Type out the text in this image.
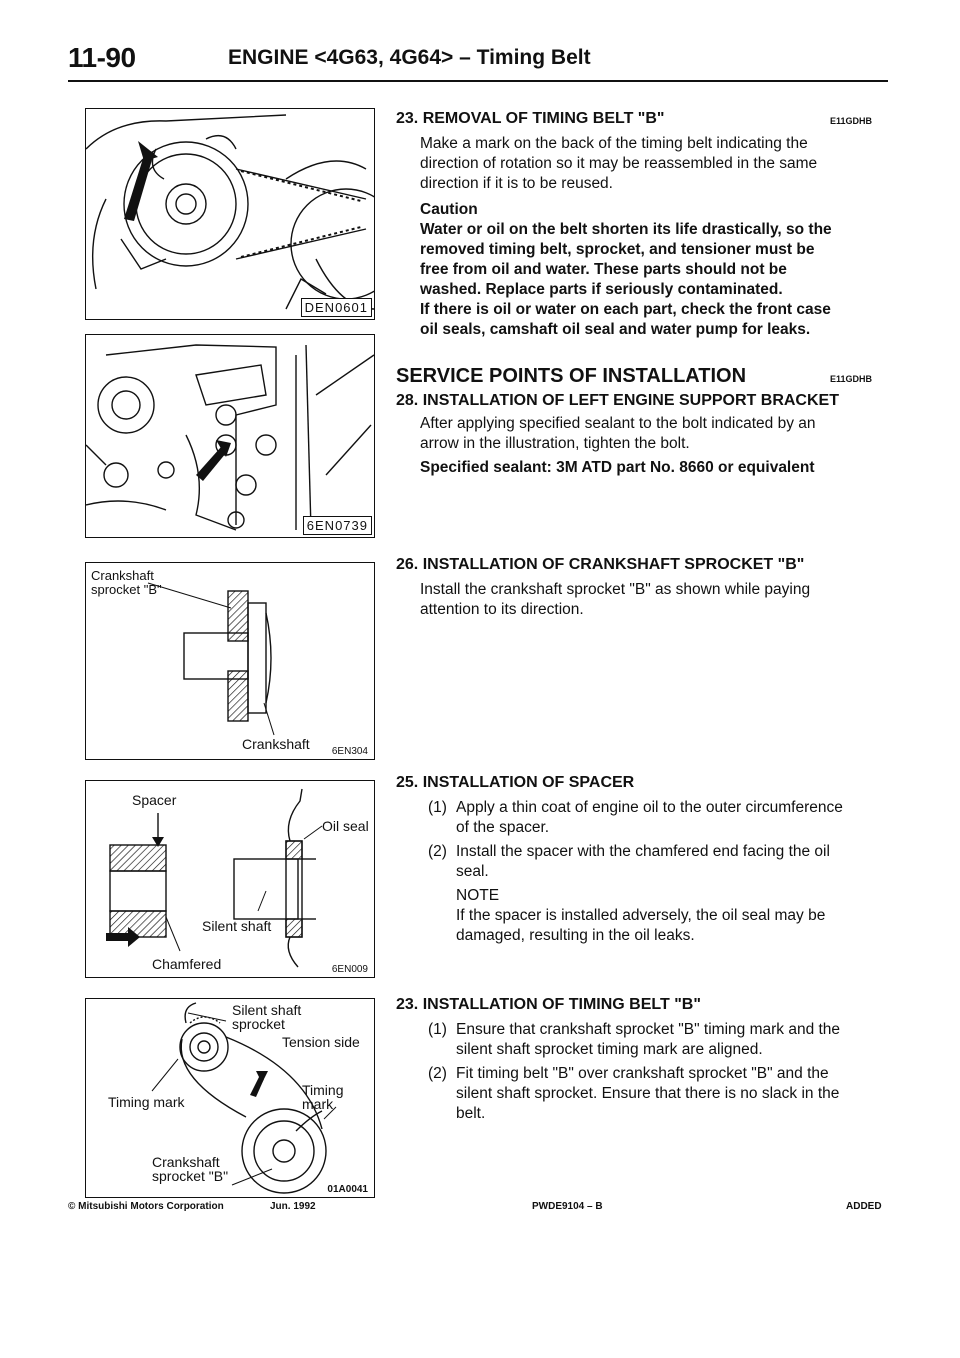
11-90	ENGINE <4G63, 4G64> – Timing Belt
DEN0601
6EN0739
Crankshaft
sprocket "B"
Crankshaft 6EN304
Spacer
Oil seal
Silent shaft
Chamfered	6EN009
Silent shaft
sprocket
Tension side
Timing mark
Timing mark
Crankshaft
sprocket "B"
01A0041
23. REMOVAL OF TIMING BELT "B"	E11GDHB
Make a mark on the back of the timing belt indicating the
direction of rotation so it may be reassembled in the same
direction if it is to be reused.
Caution
Water or oil on the belt shorten its life drastically, so the
removed timing belt, sprocket, and tensioner must be
free from oil and water. These parts should not be
washed. Replace parts if seriously contaminated.
If there is oil or water on each part, check the front case
oil seals, camshaft oil seal and water pump for leaks.
SERVICE POINTS OF INSTALLATION	E11GDHB
28. INSTALLATION OF LEFT ENGINE SUPPORT BRACKET
After applying specified sealant to the bolt indicated by an
arrow in the illustration, tighten the bolt.
Specified sealant: 3M ATD part No. 8660 or equivalent
26. INSTALLATION OF CRANKSHAFT SPROCKET "B"
Install the crankshaft sprocket "B" as shown while paying
attention to its direction.
25. INSTALLATION OF SPACER
(1) Apply a thin coat of engine oil to the outer circumference
of the spacer.
(2) Install the spacer with the chamfered end facing the oil
seal.
NOTE
If the spacer is installed adversely, the oil seal may be
damaged, resulting in the oil leaks.
23. INSTALLATION OF TIMING BELT "B"
(1) Ensure that crankshaft sprocket "B" timing mark and the
silent shaft sprocket timing mark are aligned.
(2) Fit timing belt "B" over crankshaft sprocket "B" and the
silent shaft sprocket. Ensure that there is no slack in the
belt.
© Mitsubishi Motors Corporation	Jun. 1992	PWDE9104 – B	ADDED
